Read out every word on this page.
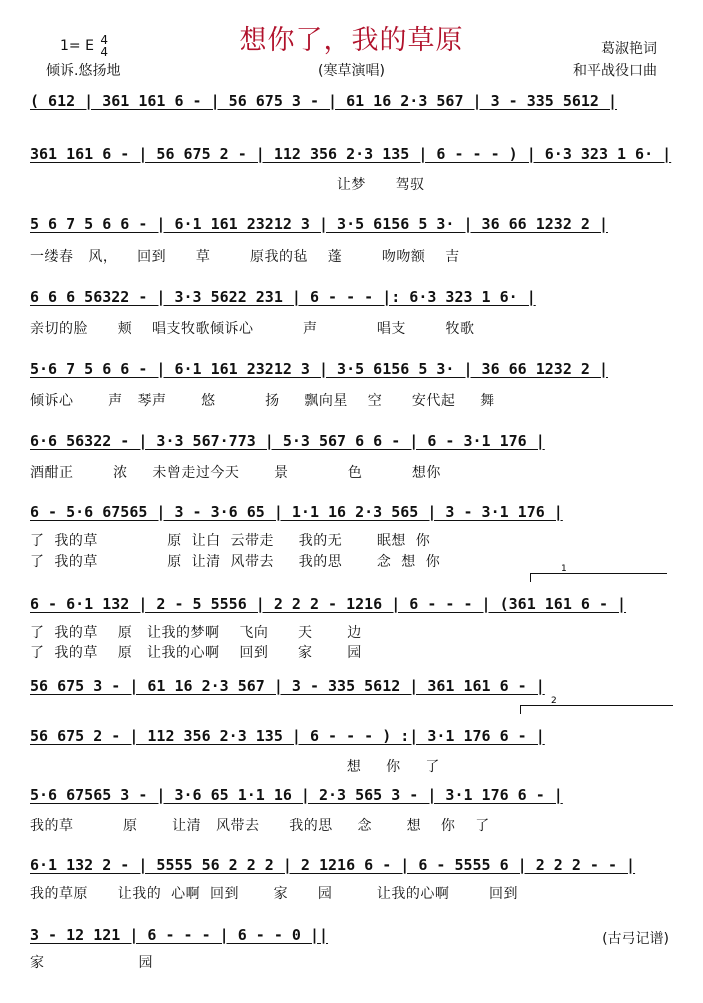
想你了，我的草原
1= E 4
4
倾诉.悠扬地	(寒草演唱)
葛淑艳词
和平战役口曲
( 612 | 361 161 6 - | 56 675 3 - | 61 16 2·3 567 | 3 - 335 5612 |
361 161 6 - | 56 675 2 - | 112 356 2·3 135 | 6 - - - ) | 6·3 323 1 6· |
让梦      驾驭
5 6 7 5 6 6 - | 6·1 161 23212 3 | 3·5 6156 5 3· | 36 66 1232 2 |
一缕春   风，    回到      草        原我的毡    蓬        吻吻额    吉
6 6 6 56322 - | 3·3 5622 231 | 6 - - - |: 6·3 323 1 6· |
亲切的脸      颊    唱支牧歌倾诉心          声            唱支        牧歌
5·6 7 5 6 6 - | 6·1 161 23212 3 | 3·5 6156 5 3· | 36 66 1232 2 |
倾诉心       声   琴声       悠          扬     飘向星    空      安代起     舞
6·6 56322 - | 3·3 567·773 | 5·3 567 6 6 - | 6 - 3·1 176 |
酒酣正        浓     未曾走过今天       景            色          想你
6 - 5·6 67565 | 3 - 3·6 65 | 1·1 16 2·3 565 | 3 - 3·1 176 |
了  我的草              原  让白  云带走     我的无       眠想  你
了  我的草              原  让清  风带去     我的思       念  想  你	1
6 - 6·1 132 | 2 - 5 5556 | 2 2 2 - 1216 | 6 - - - | (361 161 6 - |
了  我的草    原   让我的梦啊    飞向      天       边
了  我的草    原   让我的心啊    回到      家       园
56 675 3 - | 61 16 2·3 567 | 3 - 335 5612 | 361 161 6 - |
2
56 675 2 - | 112 356 2·3 135 | 6 - - - ) :| 3·1 176 6 - |
想     你     了
5·6 67565 3 - | 3·6 65 1·1 16 | 2·3 565 3 - | 3·1 176 6 - |
我的草          原       让清   风带去      我的思     念       想    你    了
6·1 132 2 - | 5555 56 2 2 2 | 2 1216 6 - | 6 - 5555 6 | 2 2 2 - - |
我的草原      让我的  心啊  回到       家      园         让我的心啊        回到
3 - 12 121 | 6 - - - | 6 - - 0 ||
家                   园
(古弓记谱)
